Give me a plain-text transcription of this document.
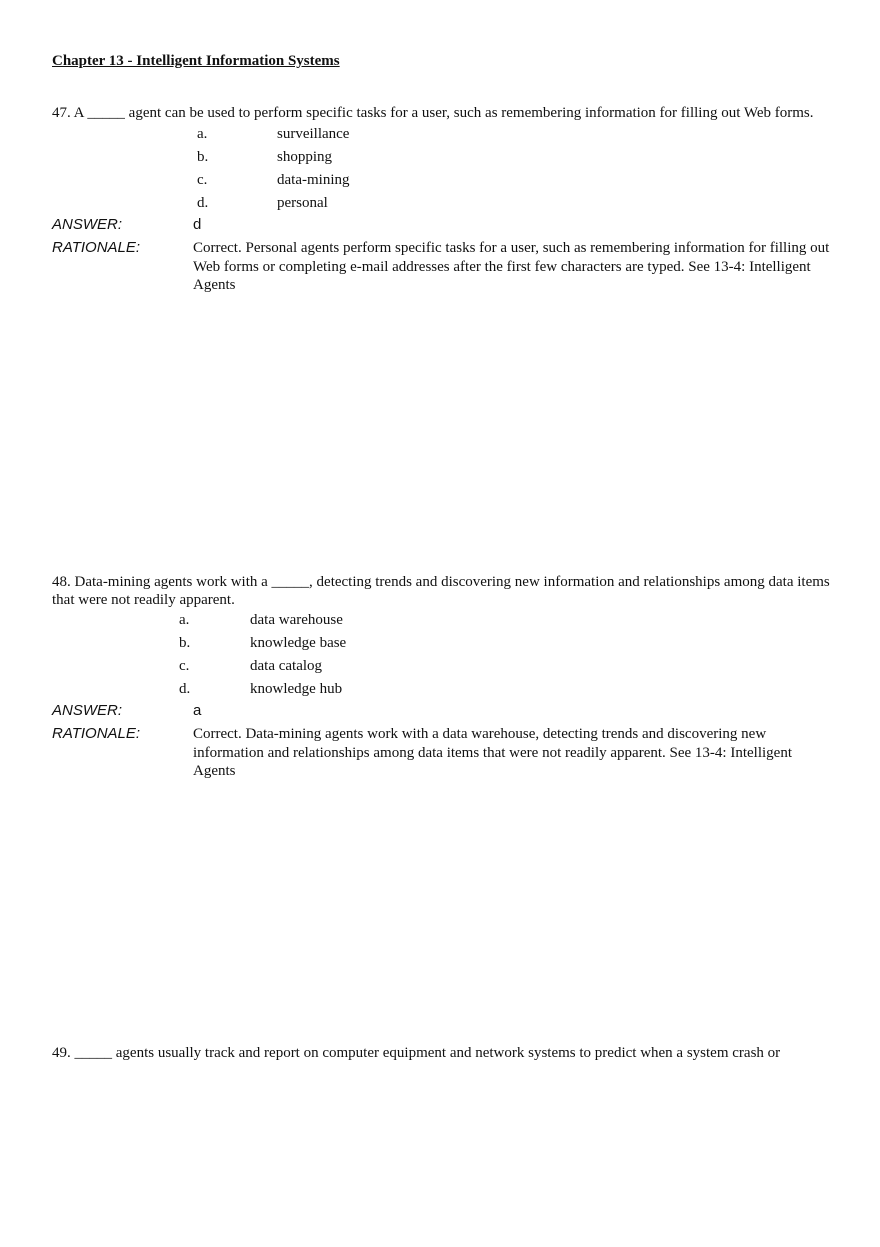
Chapter 13 - Intelligent Information Systems

47. A _____ agent can be used to perform specific tasks for a user, such as remembering information for filling out Web forms.

a.	surveillance
b.	shopping
c.	data-mining
d.	personal
ANSWER:	d
RATIONALE:	Correct. Personal agents perform specific tasks for a user, such as remembering information for filling out Web forms or completing e-mail addresses after the first few characters are typed. See 13-4: Intelligent Agents

48. Data-mining agents work with a _____, detecting trends and discovering new information and relationships among data items that were not readily apparent.

a.	data warehouse
b.	knowledge base
c.	data catalog
d.	knowledge hub
ANSWER:	a
RATIONALE:	Correct. Data-mining agents work with a data warehouse, detecting trends and discovering new information and relationships among data items that were not readily apparent. See 13-4: Intelligent Agents

49. _____ agents usually track and report on computer equipment and network systems to predict when a system crash or
